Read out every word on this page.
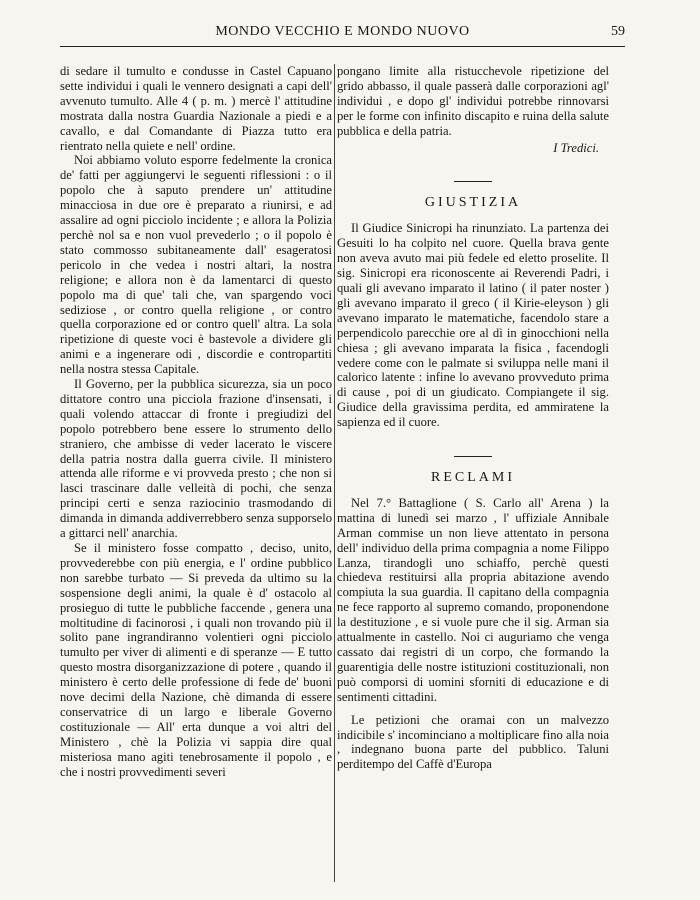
MONDO VECCHIO E MONDO NUOVO	59

di sedare il tumulto e condusse in Castel Capuano sette individui i quali le vennero designati a capi dell' avvenuto tumulto. Alle 4 ( p. m. ) mercè l' attitudine mostrata dalla nostra Guardia Nazionale a piedi e a cavallo, e dal Comandante di Piazza tutto era rientrato nella quiete e nell' ordine.

Noi abbiamo voluto esporre fedelmente la cronica de' fatti per aggiungervi le seguenti riflessioni : o il popolo che à saputo prendere un' attitudine minacciosa in due ore è preparato a riunirsi, e ad assalire ad ogni picciolo incidente ; e allora la Polizia perchè nol sa e non vuol prevederlo ; o il popolo è stato commosso subitaneamente dall' esageratosi pericolo in che vedea i nostri altari, la nostra religione; e allora non è da lamentarci di questo popolo ma di que' tali che, van spargendo voci sediziose , or contro quella religione , or contro quella corporazione ed or contro quell' altra. La sola ripetizione di queste voci è bastevole a dividere gli animi e a ingenerare odi , discordie e contropartiti nella nostra stessa Capitale.

Il Governo, per la pubblica sicurezza, sia un poco dittatore contro una picciola frazione d'insensati, i quali volendo attaccar di fronte i pregiudizi del popolo potrebbero bene essere lo strumento dello straniero, che ambisse di veder lacerato le viscere della patria nostra dalla guerra civile. Il ministero attenda alle riforme e vi provveda presto ; che non si lasci trascinare dalle velleità di pochi, che senza principi certi e senza raziocinio trasmodando di dimanda in dimanda addiverrebbero senza supporselo a gittarci nell' anarchia.

Se il ministero fosse compatto , deciso, unito, provvederebbe con più energia, e l' ordine pubblico non sarebbe turbato — Si preveda da ultimo su la sospensione degli animi, la quale è d' ostacolo al prosieguo di tutte le pubbliche faccende , genera una moltitudine di facinorosi , i quali non trovando più il solito pane ingrandiranno volentieri ogni picciolo tumulto per viver di alimenti e di speranze — E tutto questo mostra disorganizzazione di potere , quando il ministero è certo delle professione di fede de' buoni nove decimi della Nazione, chè dimanda di essere conservatrice di un largo e liberale Governo costituzionale — All' erta dunque a voi altri del Ministero , chè la Polizia vi sappia dire qual misteriosa mano agiti tenebrosamente il popolo , e che i nostri provvedimenti severi

pongano limite alla ristucchevole ripetizione del grido abbasso, il quale passerà dalle corporazioni agl' individui , e dopo gl' individui potrebbe rinnovarsi per le forme con infinito discapito e ruina della salute pubblica e della patria.

I Tredici.
GIUSTIZIA

Il Giudice Sinicropi ha rinunziato. La partenza dei Gesuiti lo ha colpito nel cuore. Quella brava gente non aveva avuto mai più fedele ed eletto proselite. Il sig. Sinicropi era riconoscente ai Reverendi Padri, i quali gli avevano imparato il latino ( il pater noster ) gli avevano imparato il greco ( il Kirie-eleyson ) gli avevano imparato le matematiche, facendolo stare a perpendicolo parecchie ore al dì in ginocchioni nella chiesa ; gli avevano imparata la fisica , facendogli vedere come con le palmate si sviluppa nelle mani il calorico latente : infine lo avevano provveduto prima di cause , poi di un giudicato. Compiangete il sig. Giudice della gravissima perdita, ed ammiratene la sapienza ed il cuore.

RECLAMI

Nel 7.° Battaglione ( S. Carlo all' Arena ) la mattina di lunedì sei marzo , l' uffiziale Annibale Arman commise un non lieve attentato in persona dell' individuo della prima compagnia a nome Filippo Lanza, tirandogli uno schiaffo, perchè questi chiedeva restituirsi alla propria abitazione avendo compiuta la sua guardia. Il capitano della compagnia ne fece rapporto al supremo comando, proponendone la destituzione , e si vuole pure che il sig. Arman sia attualmente in castello. Noi ci auguriamo che venga cassato dai registri di un corpo, che formando la guarentigia delle nostre istituzioni costituzionali, non può comporsi di uomini sforniti di educazione e di sentimenti cittadini.

Le petizioni che oramai con un malvezzo indicibile s' incominciano a moltiplicare fino alla noia , indegnano buona parte del pubblico. Taluni perditempo del Caffè d'Europa
